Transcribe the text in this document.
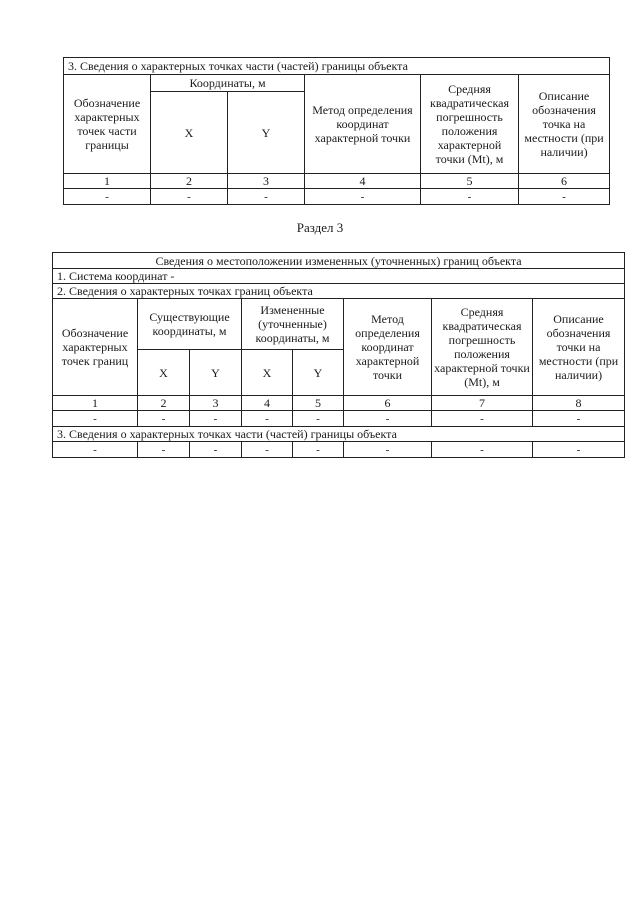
3. Сведения о характерных точках части (частей) границы объекта					
Обозначение характерных точек части границы	Координаты, м		Метод определения координат характерной точки	Средняя квадратическая погрешность положения характерной точки (Mt), м	Описание обозначения точка на местности (при наличии)
	X	Y			
1	2	3	4	5	6
-	-	-	-	-	-
Раздел 3
Сведения о местоположении измененных (уточненных) границ объекта							
1. Система координат -							
2. Сведения о характерных точках границ объекта							
Обозначение характерных точек границ	Существующие координаты, м		Измененные (уточненные) координаты, м		Метод определения координат характерной точки	Средняя квадратическая погрешность положения характерной точки (Mt), м	Описание обозначения точки на местности (при наличии)
	X	Y	X	Y			
1	2	3	4	5	6	7	8
-	-	-	-	-	-	-	-
3. Сведения о характерных точках части (частей) границы объекта							
-	-	-	-	-	-	-	-
